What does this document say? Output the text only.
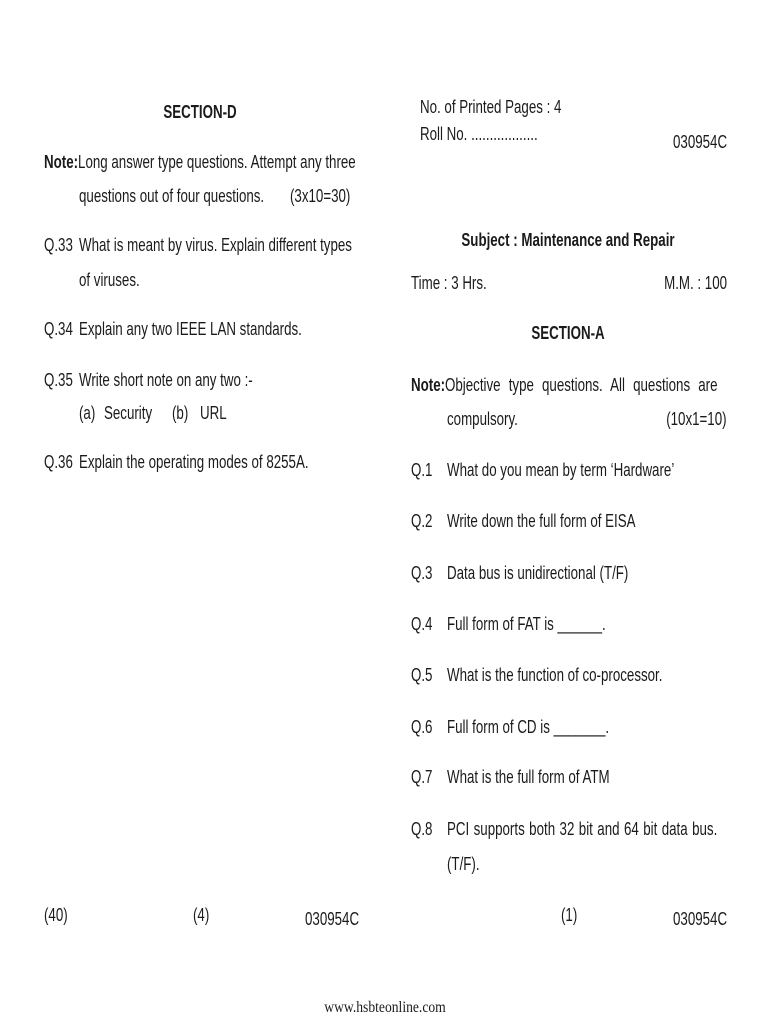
SECTION-D
Note:Long answer type questions. Attempt any three
questions out of four questions. (3x10=30)
Q.33 What is meant by virus. Explain different types
of viruses.
Q.34 Explain any two IEEE LAN standards.
Q.35 Write short note on any two :-
(a) Security (b) URL
Q.36 Explain the operating modes of 8255A.
(40)	(4)	030954C
No. of Printed Pages : 4
Roll No. ..................	030954C
Subject : Maintenance and Repair
Time : 3 Hrs.	M.M. : 100
SECTION-A
Note:Objective type questions. All questions are
compulsory.	(10x1=10)
Q.1 What do you mean by term ‘Hardware’
Q.2 Write down the full form of EISA
Q.3 Data bus is unidirectional (T/F)
Q.4 Full form of FAT is ______.
Q.5 What is the function of co-processor.
Q.6 Full form of CD is _______.
Q.7 What is the full form of ATM
Q.8 PCI supports both 32 bit and 64 bit data bus.
(T/F).
(1)	030954C
www.hsbteonline.com
